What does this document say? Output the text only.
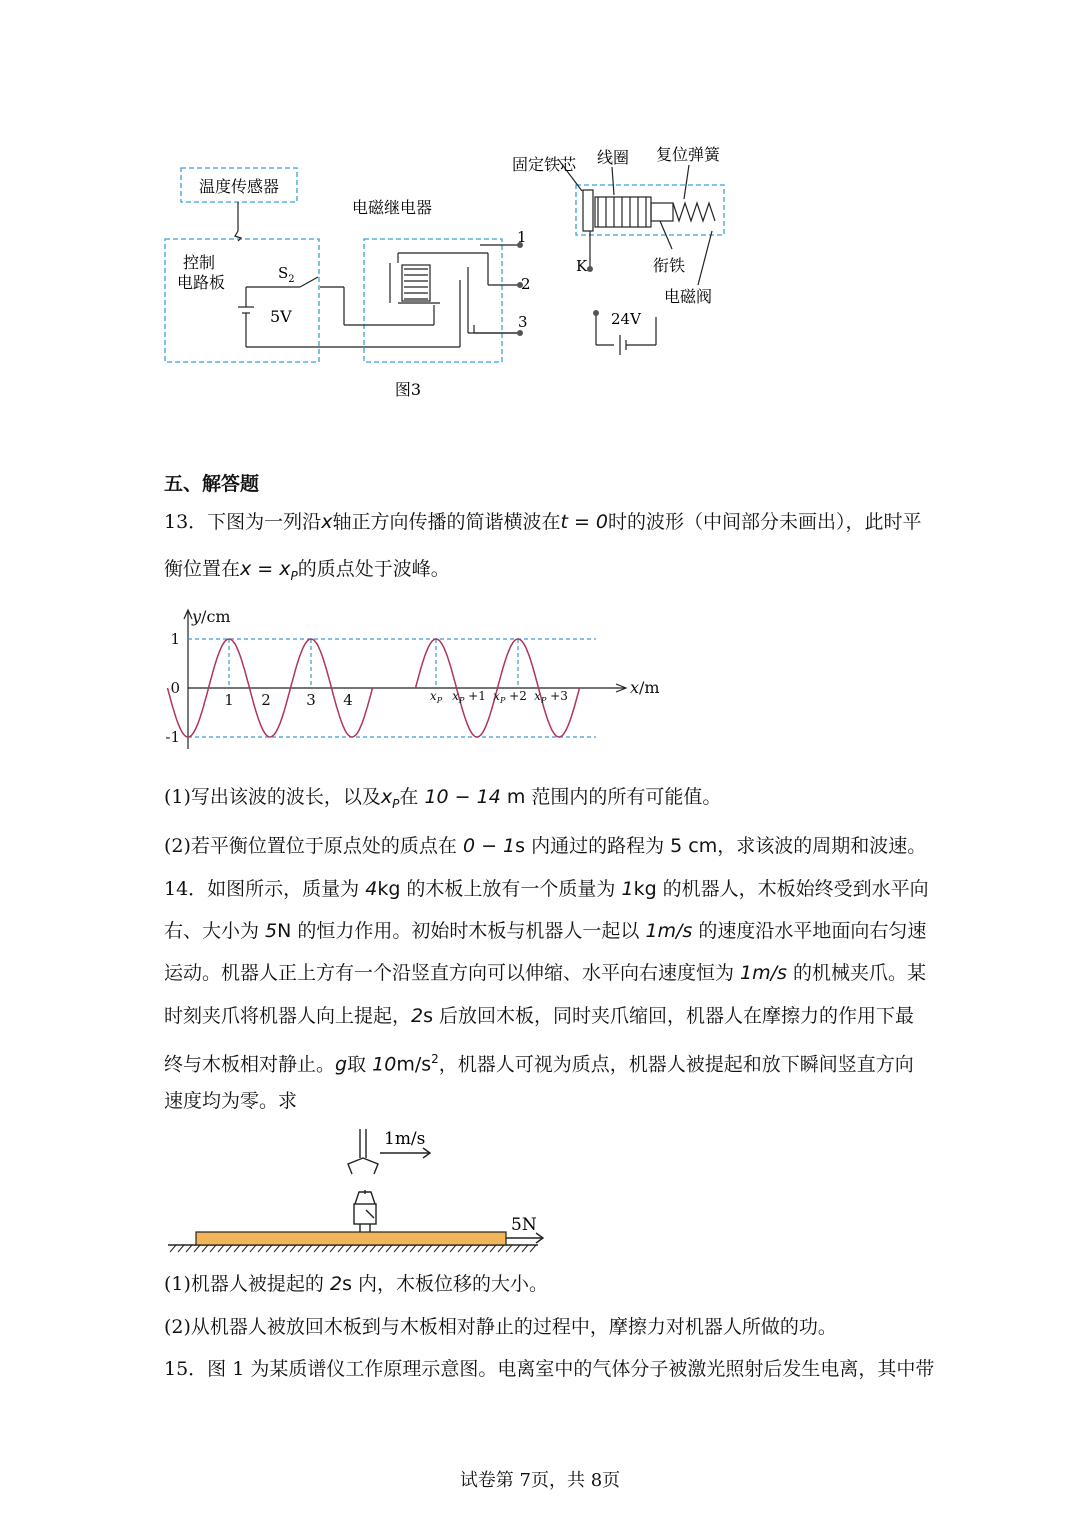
温度传感器
控制
电路板	$S_2$
5V
电磁继电器
1
2
3
固定铁芯 线圈 复位弹簧
K	衔铁
电磁阀
24V
图3
五、解答题
13．下图为一列沿x轴正方向传播的简谐横波在t = 0时的波形（中间部分未画出），此时平
衡位置在$x = x_P$的质点处于波峰。
y/cm
x/m
1
0
-1
1 2 3 4	$x_P$ $x_P +1$ $x_P +2$ $x_P +3$
(1)写出该波的波长，以及$x_P$在 10 − 14 m 范围内的所有可能值。
(2)若平衡位置位于原点处的质点在 0 − 1s 内通过的路程为 5 cm，求该波的周期和波速。
14．如图所示，质量为 4kg 的木板上放有一个质量为 1kg 的机器人，木板始终受到水平向
右、大小为 5N 的恒力作用。初始时木板与机器人一起以 1m/s 的速度沿水平地面向右匀速
运动。机器人正上方有一个沿竖直方向可以伸缩、水平向右速度恒为 1m/s 的机械夹爪。某
时刻夹爪将机器人向上提起，2s 后放回木板，同时夹爪缩回，机器人在摩擦力的作用下最
终与木板相对静止。g取 $10m/s^2$，机器人可视为质点，机器人被提起和放下瞬间竖直方向
速度均为零。求
1m/s
5N
(1)机器人被提起的 2s 内，木板位移的大小。
(2)从机器人被放回木板到与木板相对静止的过程中，摩擦力对机器人所做的功。
15．图 1 为某质谱仪工作原理示意图。电离室中的气体分子被激光照射后发生电离，其中带
试卷第 7页，共 8页
